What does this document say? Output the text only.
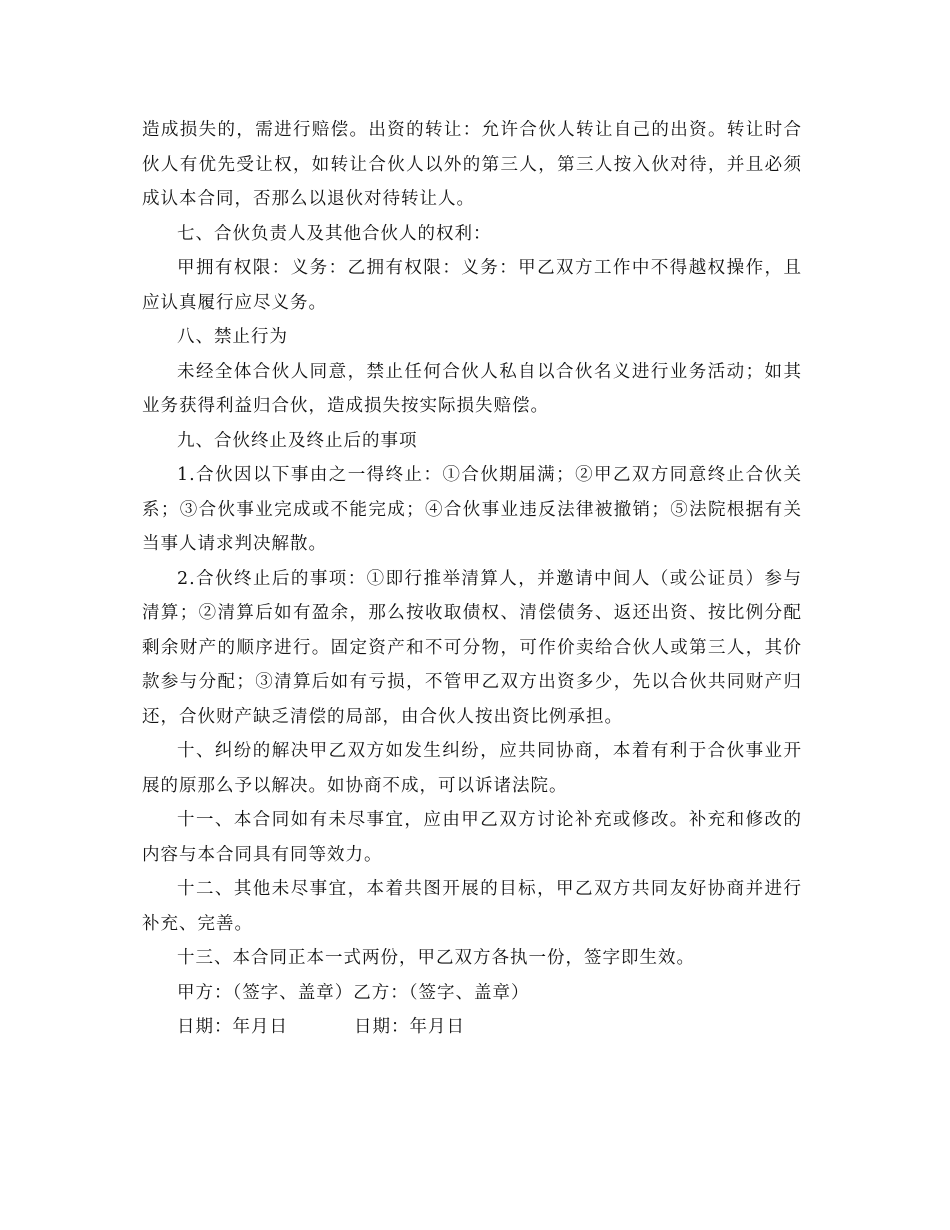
造成损失的，需进行赔偿。出资的转让：允许合伙人转让自己的出资。转让时合伙人有优先受让权，如转让合伙人以外的第三人，第三人按入伙对待，并且必须成认本合同，否那么以退伙对待转让人。

七、合伙负责人及其他合伙人的权利：

甲拥有权限：义务：乙拥有权限：义务：甲乙双方工作中不得越权操作，且应认真履行应尽义务。

八、禁止行为

未经全体合伙人同意，禁止任何合伙人私自以合伙名义进行业务活动；如其业务获得利益归合伙，造成损失按实际损失赔偿。

九、合伙终止及终止后的事项

1.合伙因以下事由之一得终止：①合伙期届满；②甲乙双方同意终止合伙关系；③合伙事业完成或不能完成；④合伙事业违反法律被撤销；⑤法院根据有关当事人请求判决解散。

2.合伙终止后的事项：①即行推举清算人，并邀请中间人（或公证员）参与清算；②清算后如有盈余，那么按收取债权、清偿债务、返还出资、按比例分配剩余财产的顺序进行。固定资产和不可分物，可作价卖给合伙人或第三人，其价款参与分配；③清算后如有亏损，不管甲乙双方出资多少，先以合伙共同财产归还，合伙财产缺乏清偿的局部，由合伙人按出资比例承担。

十、纠纷的解决甲乙双方如发生纠纷，应共同协商，本着有利于合伙事业开展的原那么予以解决。如协商不成，可以诉诸法院。

十一、本合同如有未尽事宜，应由甲乙双方讨论补充或修改。补充和修改的内容与本合同具有同等效力。

十二、其他未尽事宜，本着共图开展的目标，甲乙双方共同友好协商并进行补充、完善。

十三、本合同正本一式两份，甲乙双方各执一份，签字即生效。

甲方：（签字、盖章）乙方：（签字、盖章）

日期：年月日	日期：年月日
